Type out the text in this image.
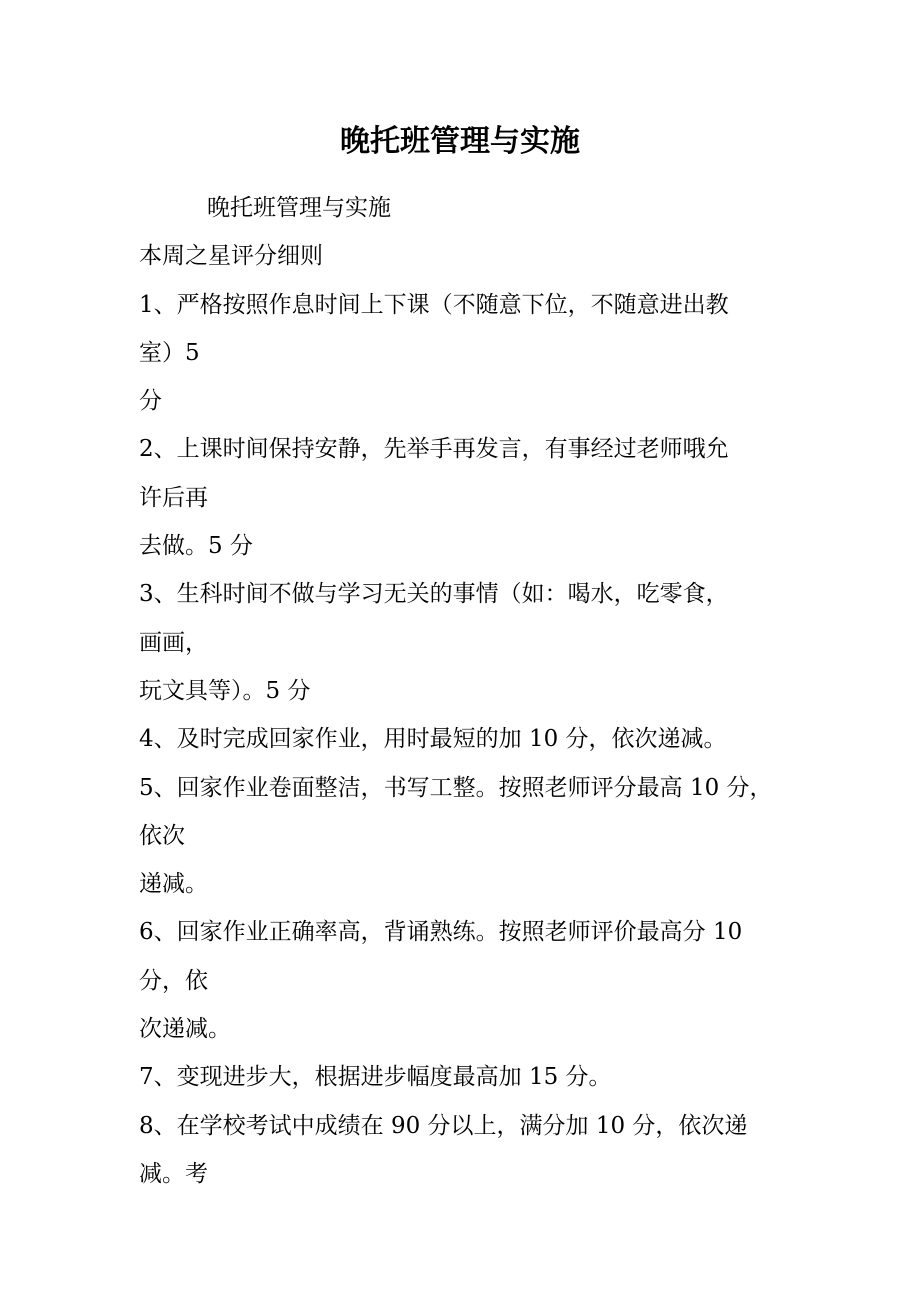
晚托班管理与实施
晚托班管理与实施
本周之星评分细则
1、严格按照作息时间上下课（不随意下位，不随意进出教
室）5
分
2、上课时间保持安静，先举手再发言，有事经过老师哦允
许后再
去做。5 分
3、生科时间不做与学习无关的事情（如：喝水，吃零食，
画画，
玩文具等）。5 分
4、及时完成回家作业，用时最短的加 10 分，依次递减。
5、回家作业卷面整洁，书写工整。按照老师评分最高 10 分，
依次
递减。
6、回家作业正确率高，背诵熟练。按照老师评价最高分 10
分，依
次递减。
7、变现进步大，根据进步幅度最高加 15 分。
8、在学校考试中成绩在 90 分以上，满分加 10 分，依次递
减。考
